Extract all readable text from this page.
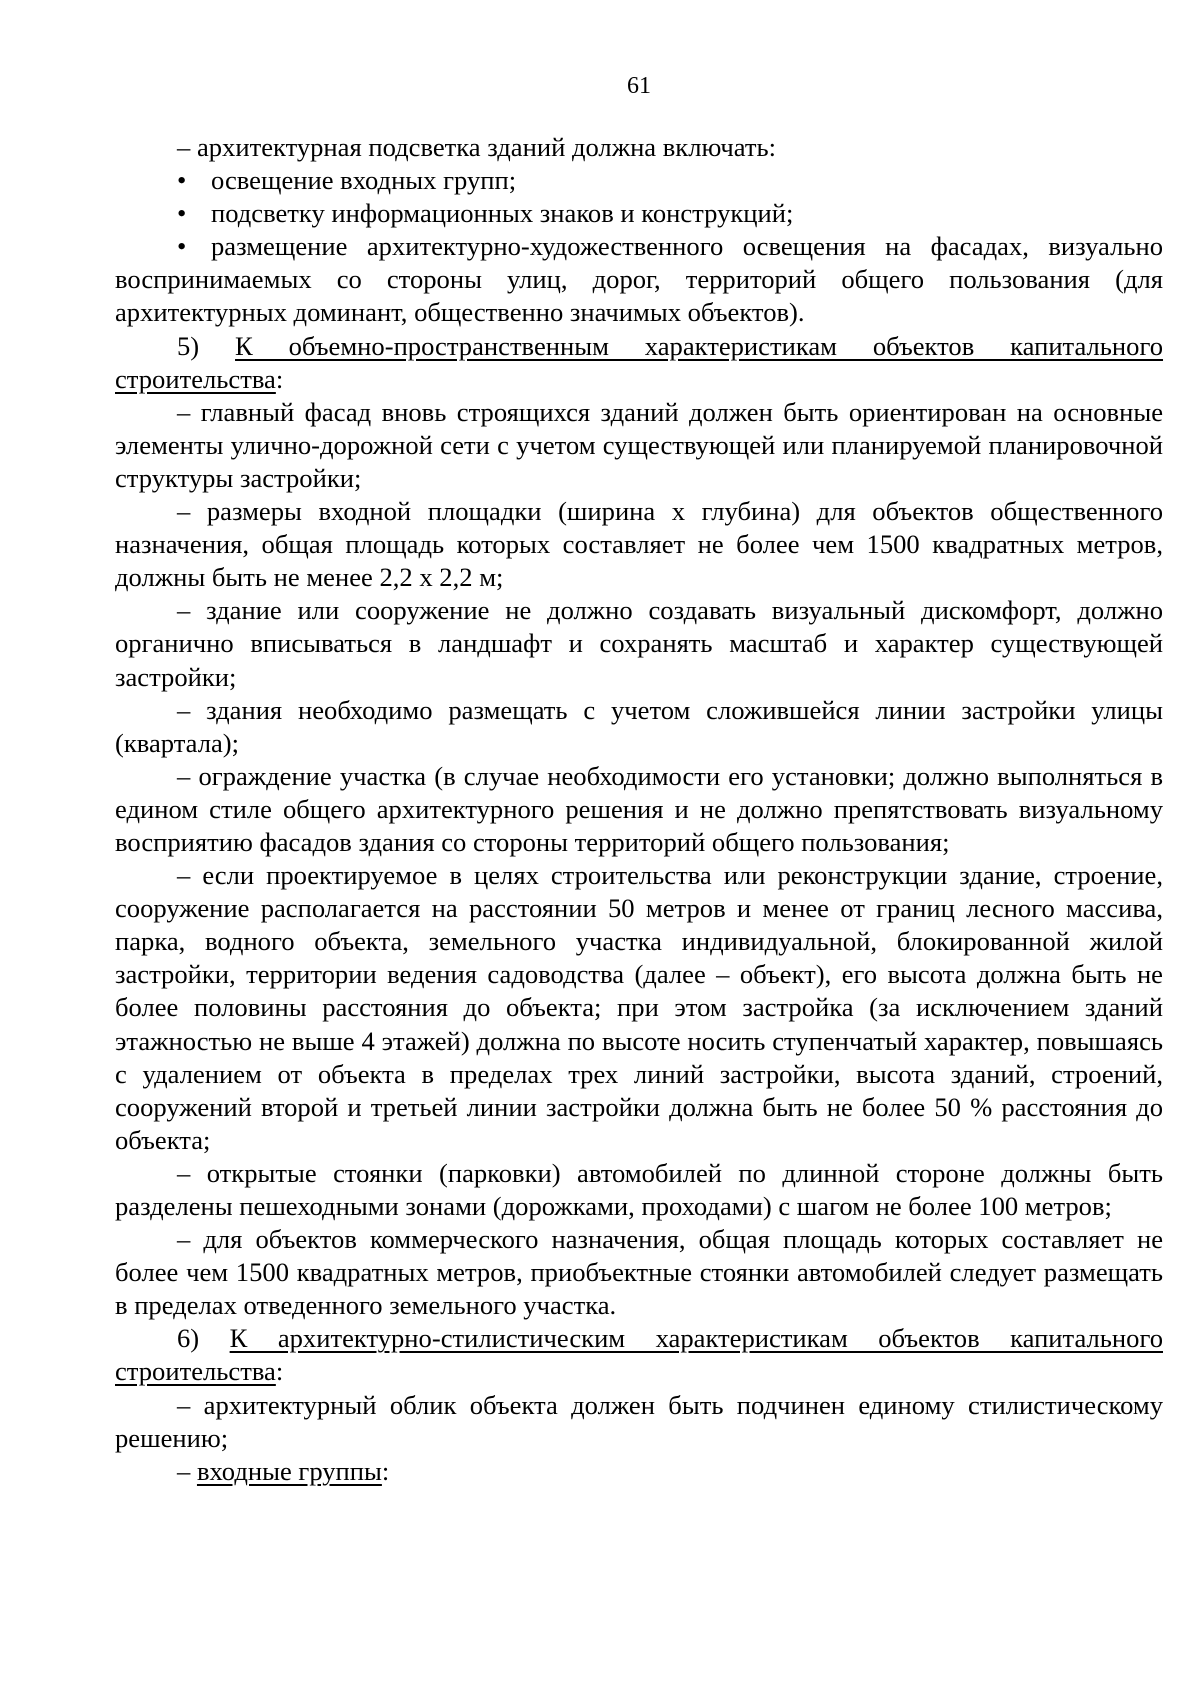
61

– архитектурная подсветка зданий должна включать:

• освещение входных групп;

• подсветку информационных знаков и конструкций;

• размещение архитектурно-художественного освещения на фасадах, визуально воспринимаемых со стороны улиц, дорог, территорий общего пользования (для архитектурных доминант, общественно значимых объектов).

5) К объемно-пространственным характеристикам объектов капитального строительства:

– главный фасад вновь строящихся зданий должен быть ориентирован на основные элементы улично-дорожной сети с учетом существующей или планируемой планировочной структуры застройки;

– размеры входной площадки (ширина х глубина) для объектов общественного назначения, общая площадь которых составляет не более чем 1500 квадратных метров, должны быть не менее 2,2 х 2,2 м;

– здание или сооружение не должно создавать визуальный дискомфорт, должно органично вписываться в ландшафт и сохранять масштаб и характер существующей застройки;

– здания необходимо размещать с учетом сложившейся линии застройки улицы (квартала);

– ограждение участка (в случае необходимости его установки; должно выполняться в едином стиле общего архитектурного решения и не должно препятствовать визуальному восприятию фасадов здания со стороны территорий общего пользования;

– если проектируемое в целях строительства или реконструкции здание, строение, сооружение располагается на расстоянии 50 метров и менее от границ лесного массива, парка, водного объекта, земельного участка индивидуальной, блокированной жилой застройки, территории ведения садоводства (далее – объект), его высота должна быть не более половины расстояния до объекта; при этом застройка (за исключением зданий этажностью не выше 4 этажей) должна по высоте носить ступенчатый характер, повышаясь с удалением от объекта в пределах трех линий застройки, высота зданий, строений, сооружений второй и третьей линии застройки должна быть не более 50 % расстояния до объекта;

– открытые стоянки (парковки) автомобилей по длинной стороне должны быть разделены пешеходными зонами (дорожками, проходами) с шагом не более 100 метров;

– для объектов коммерческого назначения, общая площадь которых составляет не более чем 1500 квадратных метров, приобъектные стоянки автомобилей следует размещать в пределах отведенного земельного участка.

6) К архитектурно-стилистическим характеристикам объектов капитального строительства:

– архитектурный облик объекта должен быть подчинен единому стилистическому решению;

– входные группы:
